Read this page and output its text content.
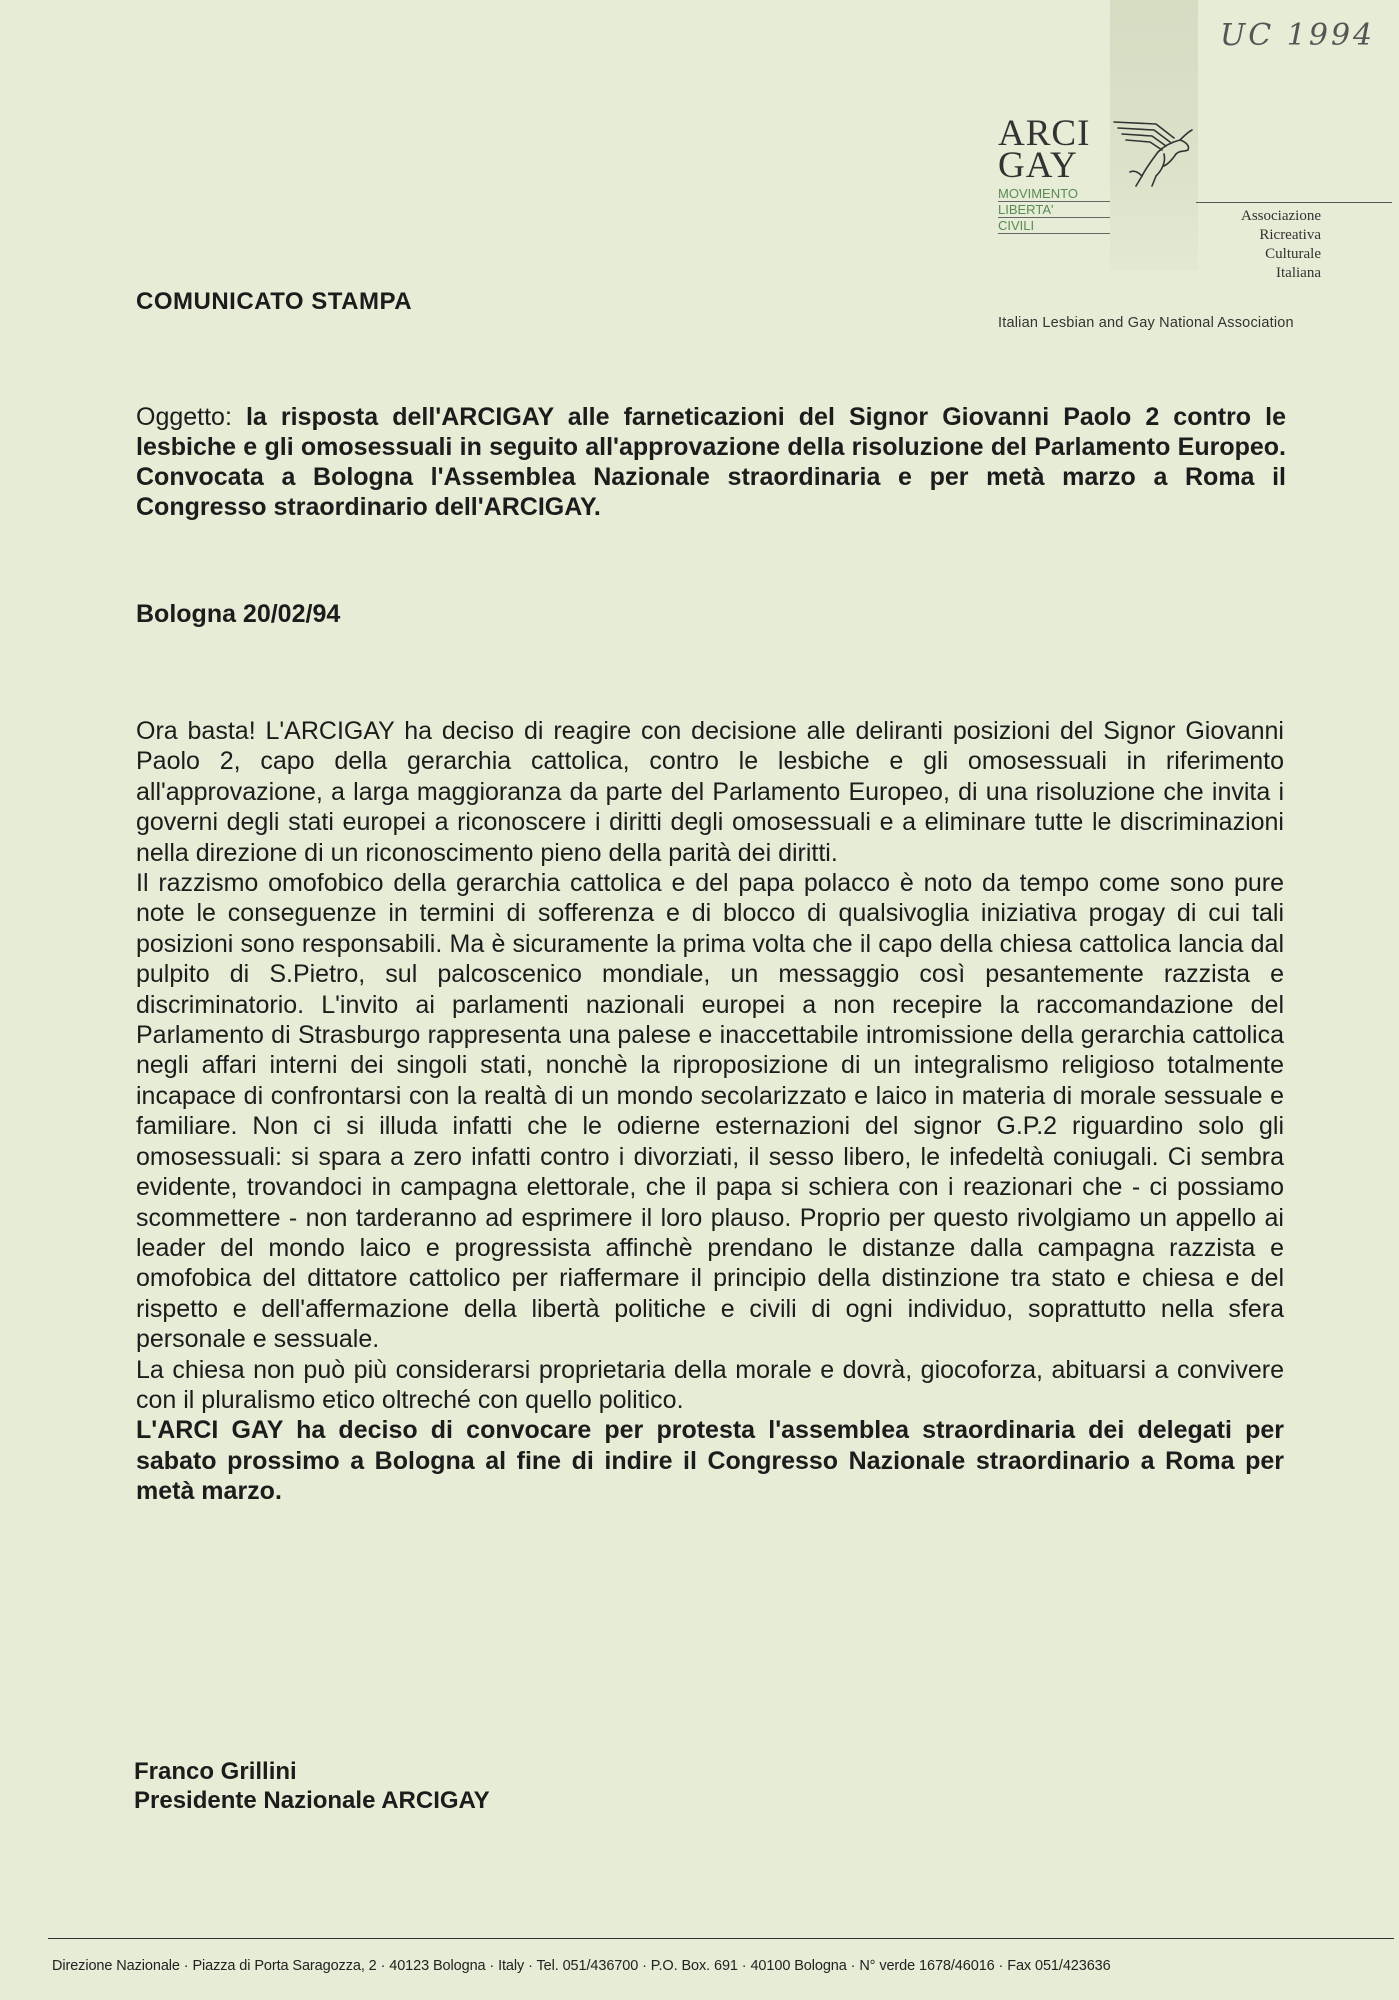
UC 1994
ARCI
GAY
MOVIMENTO
LIBERTA'
CIVILI
Associazione
Ricreativa
Culturale
Italiana
Italian Lesbian and Gay National Association
COMUNICATO STAMPA
Oggetto: la risposta dell'ARCIGAY alle farneticazioni del Signor Giovanni Paolo 2 contro le lesbiche e gli omosessuali in seguito all'approvazione della risoluzione del Parlamento Europeo. Convocata a Bologna l'Assemblea Nazionale straordinaria e per metà marzo a Roma il Congresso straordinario dell'ARCIGAY.
Bologna 20/02/94

Ora basta! L'ARCIGAY ha deciso di reagire con decisione alle deliranti posizioni del Signor Giovanni Paolo 2, capo della gerarchia cattolica, contro le lesbiche e gli omosessuali in riferimento all'approvazione, a larga maggioranza da parte del Parlamento Europeo, di una risoluzione che invita i governi degli stati europei a riconoscere i diritti degli omosessuali e a eliminare tutte le discriminazioni nella direzione di un riconoscimento pieno della parità dei diritti.

Il razzismo omofobico della gerarchia cattolica e del papa polacco è noto da tempo come sono pure note le conseguenze in termini di sofferenza e di blocco di qualsivoglia iniziativa progay di cui tali posizioni sono responsabili. Ma è sicuramente la prima volta che il capo della chiesa cattolica lancia dal pulpito di S.Pietro, sul palcoscenico mondiale, un messaggio così pesantemente razzista e discriminatorio. L'invito ai parlamenti nazionali europei a non recepire la raccomandazione del Parlamento di Strasburgo rappresenta una palese e inaccettabile intromissione della gerarchia cattolica negli affari interni dei singoli stati, nonchè la riproposizione di un integralismo religioso totalmente incapace di confrontarsi con la realtà di un mondo secolarizzato e laico in materia di morale sessuale e familiare. Non ci si illuda infatti che le odierne esternazioni del signor G.P.2 riguardino solo gli omosessuali: si spara a zero infatti contro i divorziati, il sesso libero, le infedeltà coniugali. Ci sembra evidente, trovandoci in campagna elettorale, che il papa si schiera con i reazionari che - ci possiamo scommettere - non tarderanno ad esprimere il loro plauso. Proprio per questo rivolgiamo un appello ai leader del mondo laico e progressista affinchè prendano le distanze dalla campagna razzista e omofobica del dittatore cattolico per riaffermare il principio della distinzione tra stato e chiesa e del rispetto e dell'affermazione della libertà politiche e civili di ogni individuo, soprattutto nella sfera personale e sessuale.

La chiesa non può più considerarsi proprietaria della morale e dovrà, giocoforza, abituarsi a convivere con il pluralismo etico oltreché con quello politico.

L'ARCI GAY ha deciso di convocare per protesta l'assemblea straordinaria dei delegati per sabato prossimo a Bologna al fine di indire il Congresso Nazionale straordinario a Roma per metà marzo.

Franco Grillini
Presidente Nazionale ARCIGAY
Direzione Nazionale · Piazza di Porta Saragozza, 2 · 40123 Bologna · Italy · Tel. 051/436700 · P.O. Box. 691 · 40100 Bologna · N° verde 1678/46016 · Fax 051/423636
